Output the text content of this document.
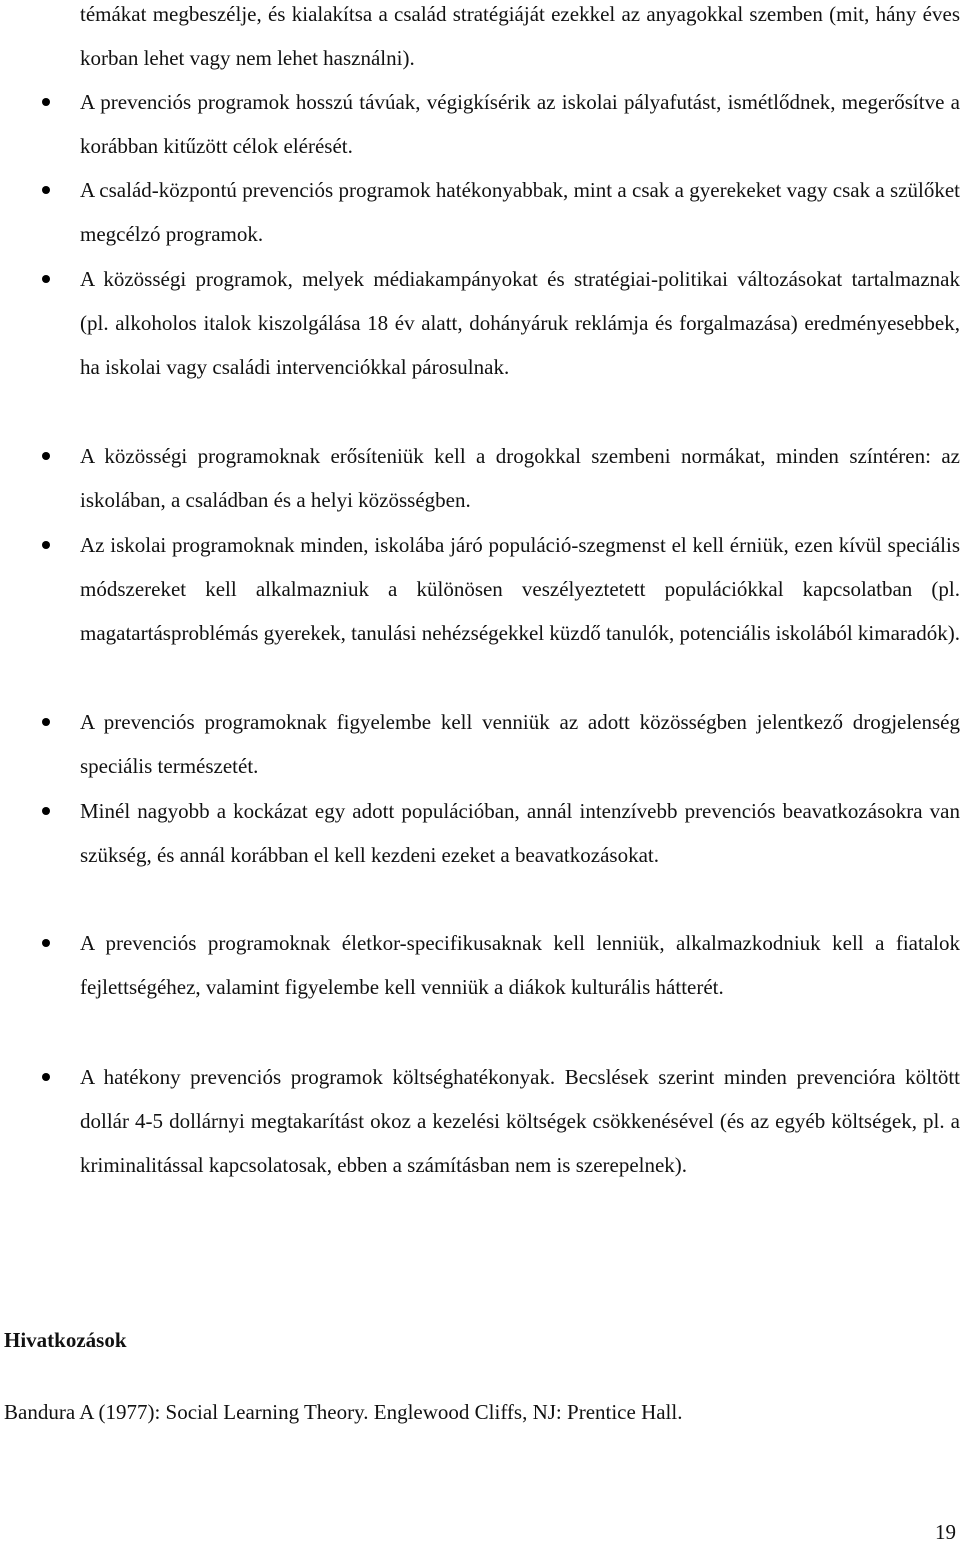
témákat megbeszélje, és kialakítsa a család stratégiáját ezekkel az anyagokkal szemben (mit, hány éves korban lehet vagy nem lehet használni).

A prevenciós programok hosszú távúak, végigkísérik az iskolai pályafutást, ismétlődnek, megerősítve a korábban kitűzött célok elérését.

A család-központú prevenciós programok hatékonyabbak, mint a csak a gyerekeket vagy csak a szülőket megcélzó programok.

A közösségi programok, melyek médiakampányokat és stratégiai-politikai változásokat tartalmaznak (pl. alkoholos italok kiszolgálása 18 év alatt, dohányáruk reklámja és forgalmazása) eredményesebbek, ha iskolai vagy családi intervenciókkal párosulnak.

A közösségi programoknak erősíteniük kell a drogokkal szembeni normákat, minden színtéren: az iskolában, a családban és a helyi közösségben.

Az iskolai programoknak minden, iskolába járó populáció-szegmenst el kell érniük, ezen kívül speciális módszereket kell alkalmazniuk a különösen veszélyeztetett populációkkal kapcsolatban (pl. magatartásproblémás gyerekek, tanulási nehézségekkel küzdő tanulók, potenciális iskolából kimaradók).

A prevenciós programoknak figyelembe kell venniük az adott közösségben jelentkező drogjelenség speciális természetét.

Minél nagyobb a kockázat egy adott populációban, annál intenzívebb prevenciós beavatkozásokra van szükség, és annál korábban el kell kezdeni ezeket a beavatkozásokat.

A prevenciós programoknak életkor-specifikusaknak kell lenniük, alkalmazkodniuk kell a fiatalok fejlettségéhez, valamint figyelembe kell venniük a diákok kulturális hátterét.

A hatékony prevenciós programok költséghatékonyak. Becslések szerint minden prevencióra költött dollár 4-5 dollárnyi megtakarítást okoz a kezelési költségek csökkenésével (és az egyéb költségek, pl. a kriminalitással kapcsolatosak, ebben a számításban nem is szerepelnek).

Hivatkozások

Bandura A (1977): Social Learning Theory. Englewood Cliffs, NJ: Prentice Hall.

19
